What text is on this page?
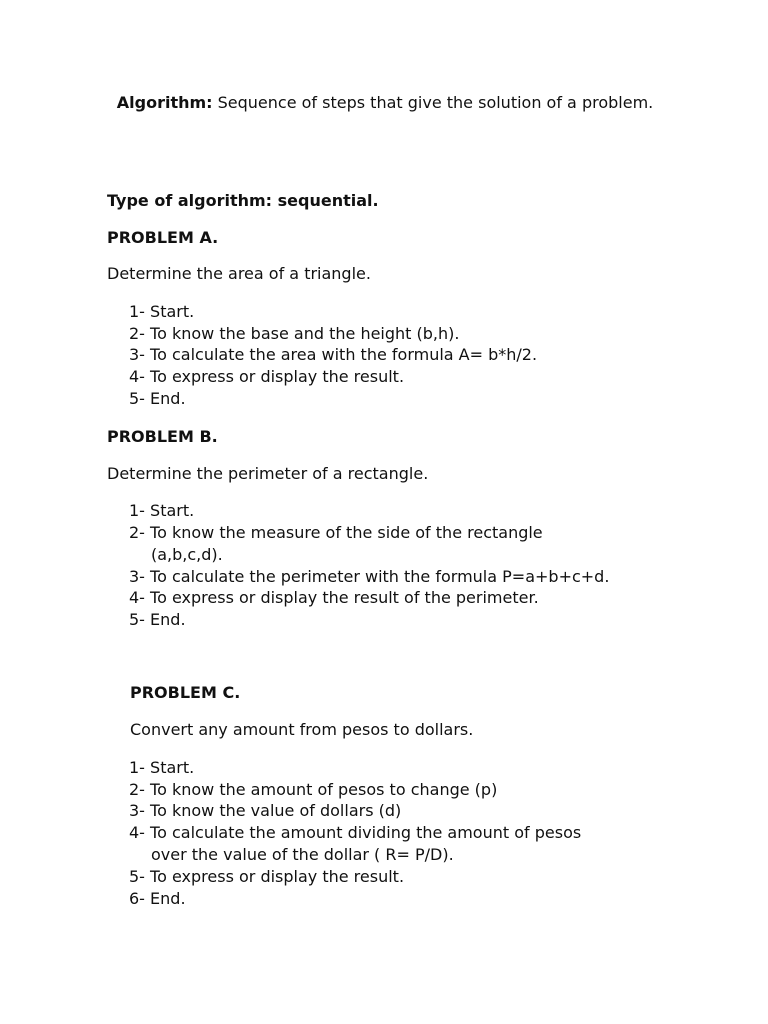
Algorithm: Sequence of steps that give the solution of a problem.

Type of algorithm: sequential.

PROBLEM A.

Determine the area of a triangle.

1- Start.
2- To know the base and the height (b,h).
3- To calculate the area with the formula A= b*h/2.
4- To express or display the result.
5- End.

PROBLEM B.

Determine the perimeter of a rectangle.

1- Start.
2- To know the measure of the side of the rectangle
(a,b,c,d).
3- To calculate the perimeter with the formula P=a+b+c+d.
4- To express or display the result of the perimeter.
5- End.

PROBLEM C.

Convert any amount from pesos to dollars.

1- Start.
2- To know the amount of pesos to change (p)
3- To know the value of dollars (d)
4- To calculate the amount dividing the amount of pesos
over the value of the dollar ( R= P/D).
5- To express or display the result.
6- End.
